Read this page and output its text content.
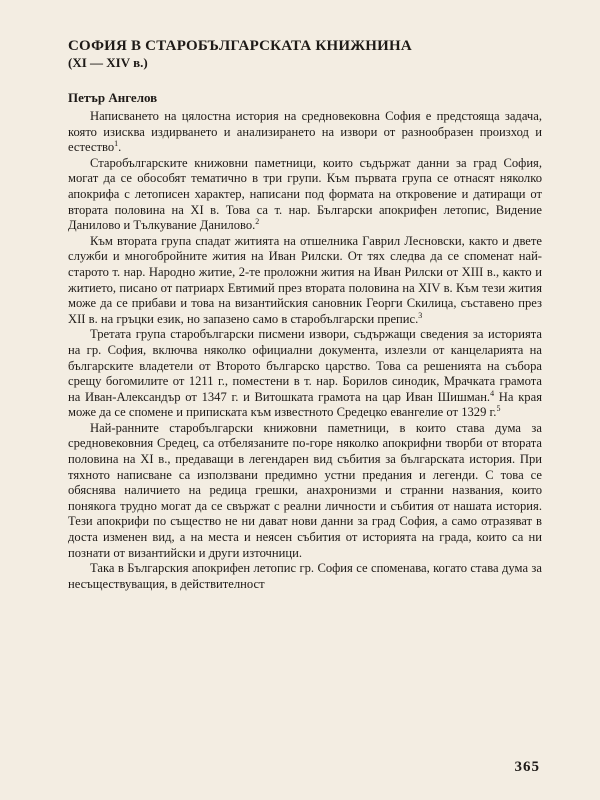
СОФИЯ В СТАРОБЪЛГАРСКАТА КНИЖНИНА
(XI — XIV в.)
Петър Ангелов

Написването на цялостна история на средновековна София е предстояща задача, която изисква издирването и анализирането на извори от разнообразен произход и естество$^1$.

Старобългарските книжовни паметници, които съдържат данни за град София, могат да се обособят тематично в три групи. Към първата група се отнасят няколко апокрифа с летописен характер, написани под формата на откровение и датиращи от втората половина на XI в. Това са т. нар. Български апокрифен летопис, Видение Данилово и Тълкувание Данилово.$^2$

Към втората група спадат житията на отшелника Гаврил Лесновски, както и двете служби и многобройните жития на Иван Рилски. От тях следва да се споменат най-старото т. нар. Народно житие, 2-те проложни жития на Иван Рилски от XIII в., както и житието, писано от патриарх Евтимий през втората половина на XIV в. Към тези жития може да се прибави и това на византийския сановник Георги Скилица, съставено през XII в. на гръцки език, но запазено само в старобългарски препис.$^3$

Третата група старобългарски писмени извори, съдържащи сведения за историята на гр. София, включва няколко официални документа, излезли от канцеларията на българските владетели от Второто българско царство. Това са решенията на събора срещу богомилите от 1211 г., поместени в т. нар. Борилов синодик, Мрачката грамота на Иван-Александър от 1347 г. и Витошката грамота на цар Иван Шишман.$^4$ На края може да се спомене и приписката към известното Средецко евангелие от 1329 г.$^5$

Най-ранните старобългарски книжовни паметници, в които става дума за средновековния Средец, са отбелязаните по-горе няколко апокрифни творби от втората половина на XI в., предаващи в легендарен вид събития за българската история. При тяхното написване са използвани предимно устни предания и легенди. С това се обяснява наличието на редица грешки, анахронизми и странни названия, които понякога трудно могат да се свържат с реални личности и събития от нашата история. Тези апокрифи по същество не ни дават нови данни за град София, а само отразяват в доста изменен вид, а на места и неясен събития от историята на града, които са ни познати от византийски и други източници.

Така в Българския апокрифен летопис гр. София се споменава, когато става дума за несъществуващия, в действителност

365
